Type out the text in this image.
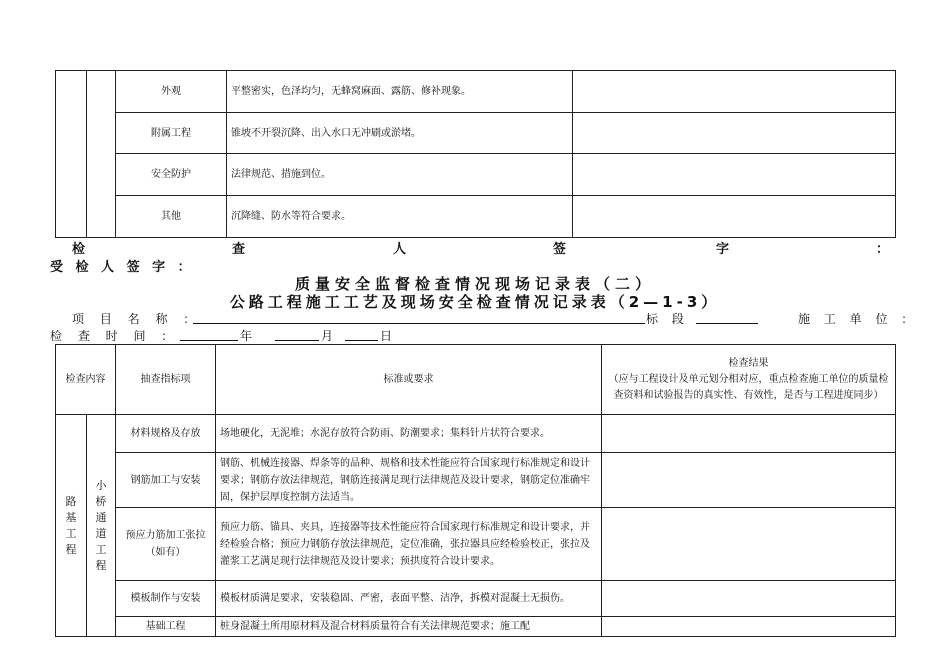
		外观	平整密实，色泽均匀，无蜂窝麻面、露筋、修补现象。	
		附属工程	锥坡不开裂沉降、出入水口无冲刷或淤堵。	
		安全防护	法律规范、措施到位。	
		其他	沉降缝、防水等符合要求。	
检	查	人	签	字	：
受 检 人 签 字 ：
质量安全监督检查情况现场记录表（二）
公路工程施工工艺及现场安全检查情况记录表（2—1-3）
项 目 名 称 ：	标 段	施 工 单 位 ：
检 查 时 间 ：	年	月	日
检查内容		抽查指标项	标准或要求	检查结果
（应与工程设计及单元划分相对应，重点检查施工单位的质量检查资料和试验报告的真实性、有效性，是否与工程进度同步）

路基工程	小桥通道工程	材料规格及存放	场地硬化，无泥堆；水泥存放符合防雨、防潮要求；集料针片状符合要求。	
		钢筋加工与安装	钢筋、机械连接器、焊条等的品种、规格和技术性能应符合国家现行标准规定和设计要求；钢筋存放法律规范，钢筋连接满足现行法律规范及设计要求，钢筋定位准确牢固，保护层厚度控制方法适当。	
		预应力筋加工张拉（如有）	预应力筋、锚具、夹具，连接器等技术性能应符合国家现行标准规定和设计要求，并经检验合格；预应力钢筋存放法律规范，定位准确，张拉器具应经检验校正，张拉及灌浆工艺满足现行法律规范及设计要求；预拱度符合设计要求。	
		模板制作与安装	模板材质满足要求，安装稳固、严密，表面平整、洁净，拆模对混凝土无损伤。	
		基础工程	桩身混凝土所用原材料及混合材料质量符合有关法律规范要求；施工配	
